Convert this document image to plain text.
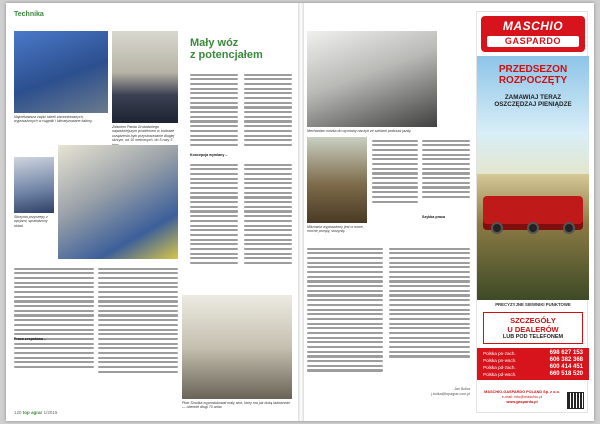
Technika
Najciekawsza część tabeli zamontowanych, wyposażonych w ciągniki i klimatyzowane kabiny.
Zdaniem Pawła Grubalskiego najważniejszym problemem w budowie urządzenia było przystosowanie długiej skrzyni, od 10 metrowych, do 5 razy 3
Skrzynia przyczepy z opcjami, sprawdzony układ.
Mały wóz
z potencjałem
Koncepcja wymiany –
Praca zespołowa –
Piotr Smolka wyprodukował mały wóz, który ma już dużą ładowność — obecnie długi 70 arów.
120 top agrar 1/2015
Mechanizm wózka do wymiany naczyń ze szklarni podczas jazdy.
Mikrowóz wyposażony jest w nowe, mocne pompy, skrzynię.
Szybka praca
Jan Bolka
j.bolka@topagrar.com.pl
MASCHIO
GASPARDO
PRZEDSEZON
ROZPOCZĘTY
ZAMAWIAJ TERAZ
OSZCZĘDZAJ PIENIĄDZE
PRECYZYJNE SIEWNIKI PUNKTOWE
SZCZEGÓŁY
U DEALERÓW
LUB POD TELEFONEM
Polska pn-zach.	698 627 153
Polska pn-wsch.	606 382 368
Polska pd-zach.	600 414 451
Polska pd-wsch.	660 518 520
MASCHIO-GASPARDO POLAND Sp. z o.o.
e-mail: info@maschio.pl
www.gaspardo.pl
